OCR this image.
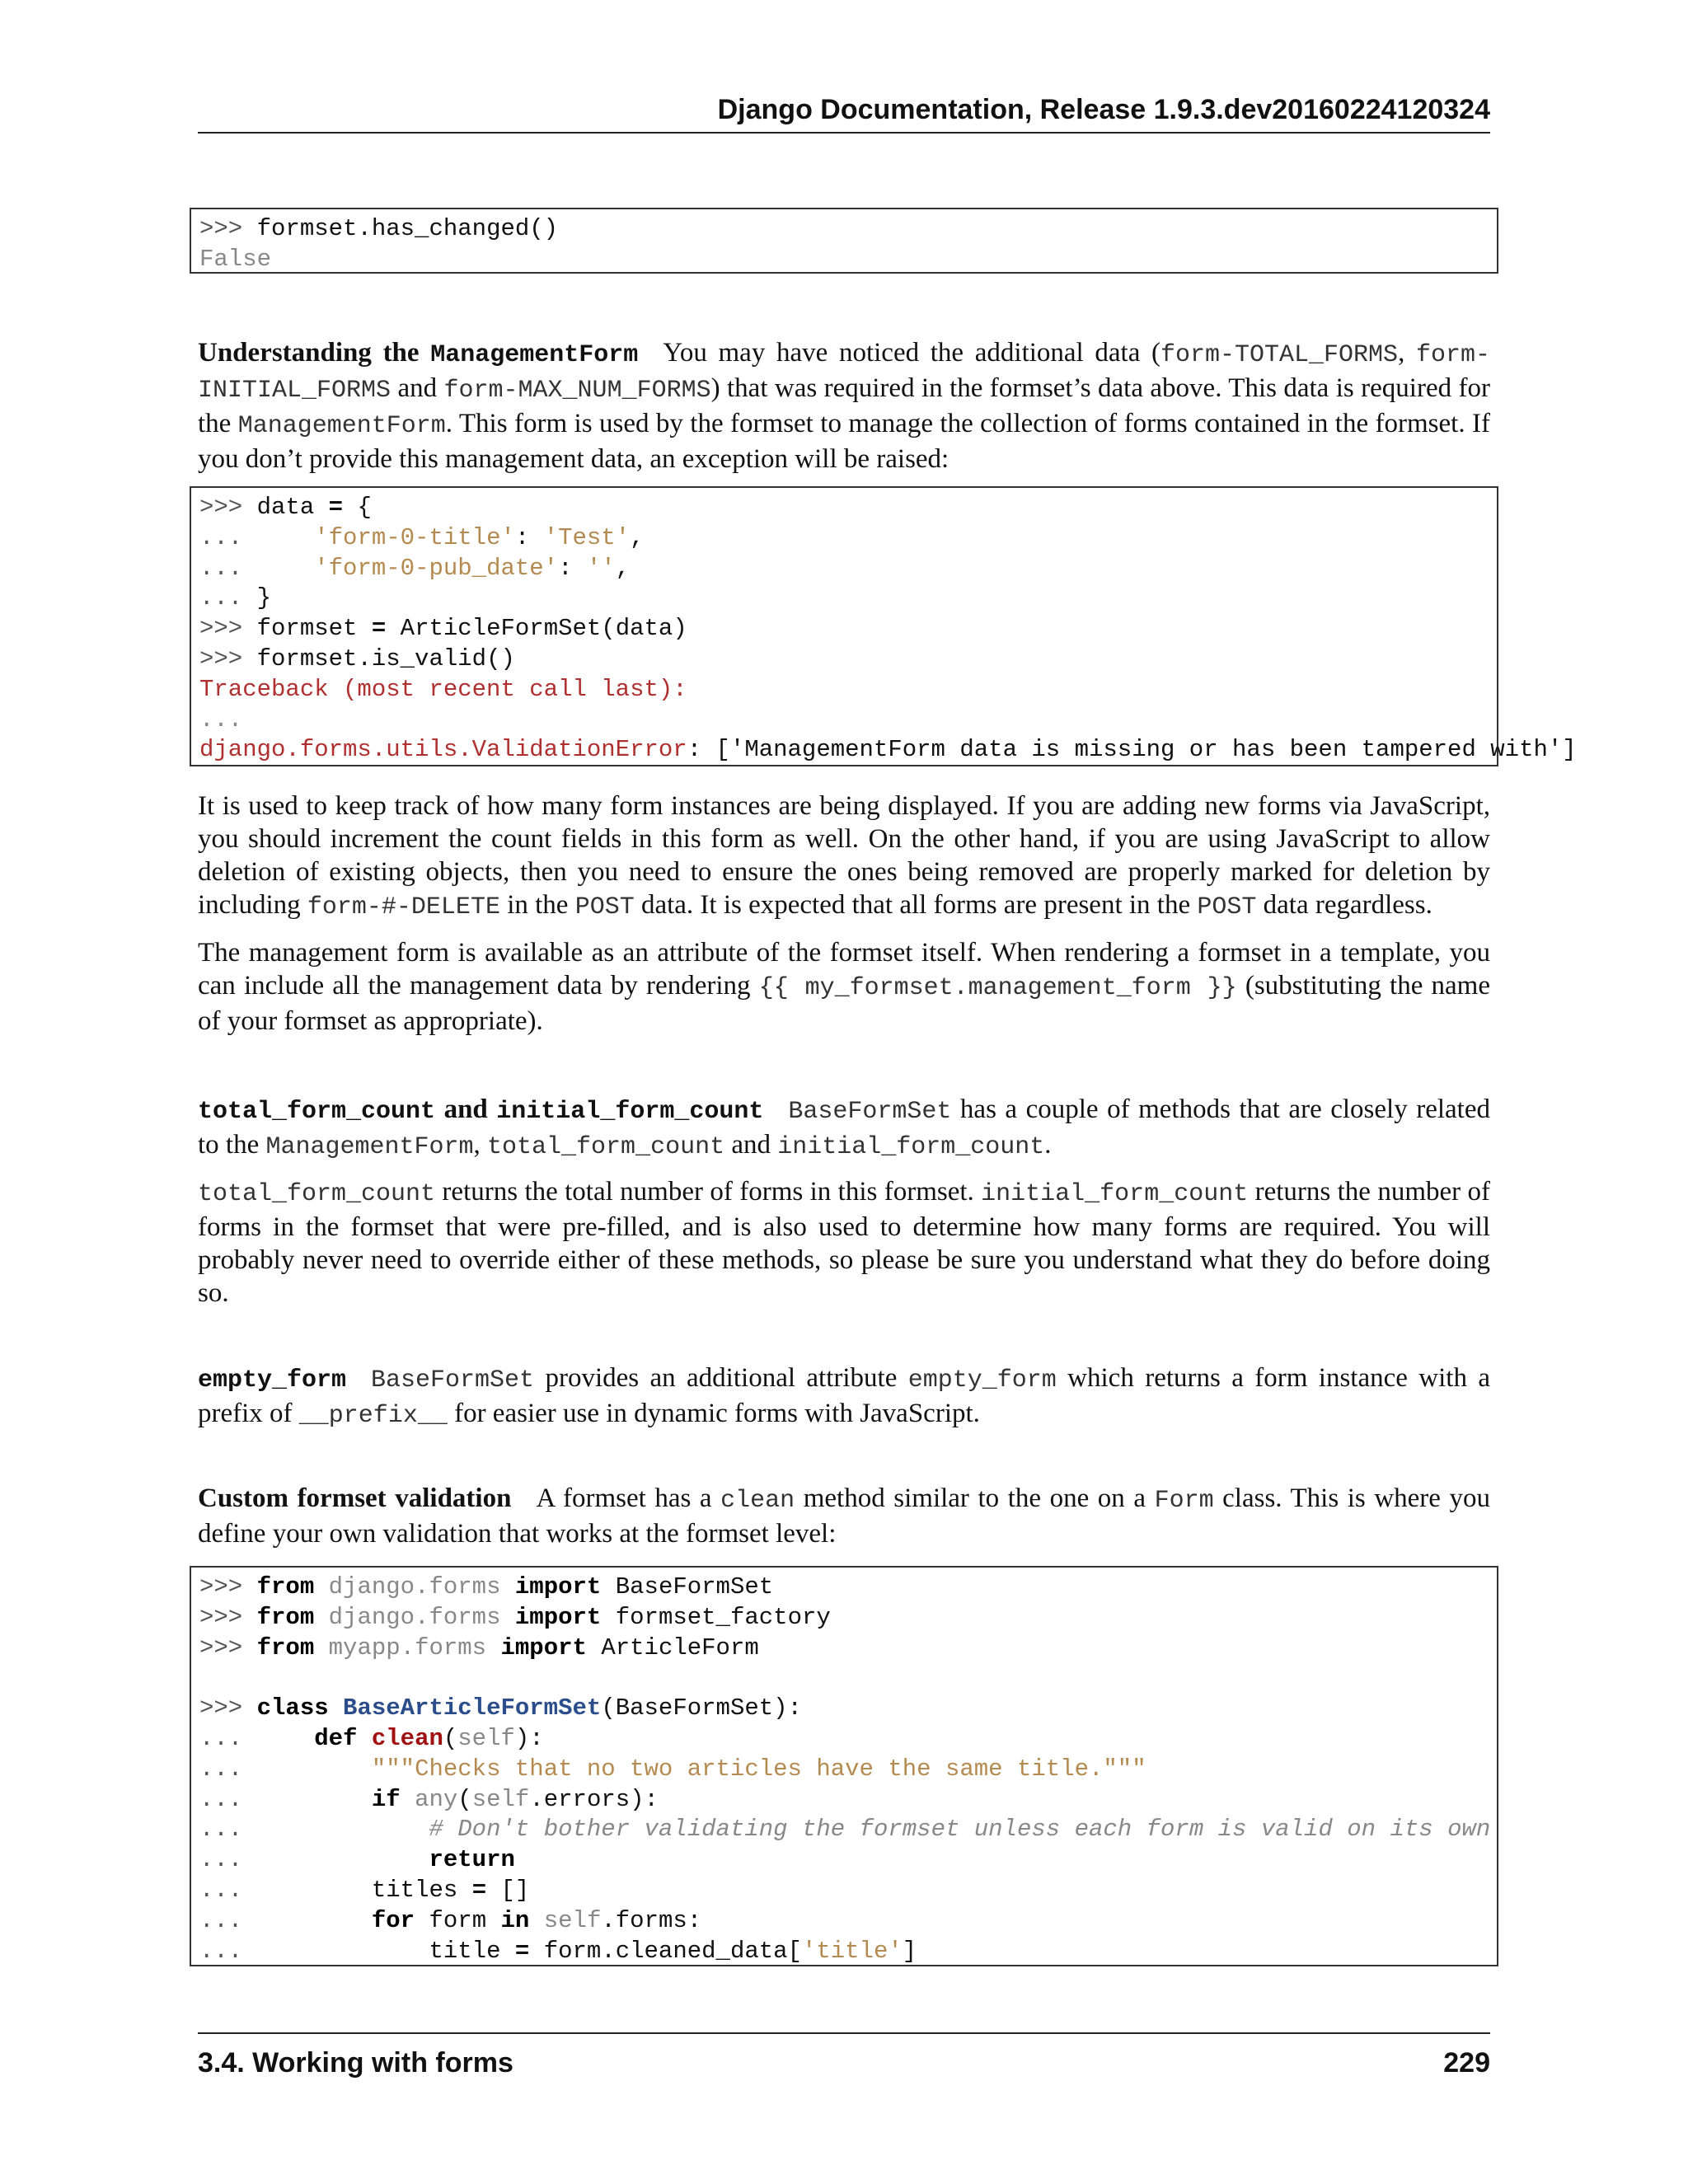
Django Documentation, Release 1.9.3.dev20160224120324
>>> formset.has_changed()
False
Understanding the ManagementForm You may have noticed the additional data (form-TOTAL_FORMS, form-INITIAL_FORMS and form-MAX_NUM_FORMS) that was required in the formset’s data above. This data is required for the ManagementForm. This form is used by the formset to manage the collection of forms contained in the formset. If you don’t provide this management data, an exception will be raised:
>>> data = {
...	'form-0-title': 'Test',
...	'form-0-pub_date': '',
... }
>>> formset = ArticleFormSet(data)
>>> formset.is_valid()
Traceback (most recent call last):
...
django.forms.utils.ValidationError: ['ManagementForm data is missing or has been tampered with']
It is used to keep track of how many form instances are being displayed. If you are adding new forms via JavaScript, you should increment the count fields in this form as well. On the other hand, if you are using JavaScript to allow deletion of existing objects, then you need to ensure the ones being removed are properly marked for deletion by including form-#-DELETE in the POST data. It is expected that all forms are present in the POST data regardless.
The management form is available as an attribute of the formset itself. When rendering a formset in a template, you can include all the management data by rendering {{ my_formset.management_form }} (substituting the name of your formset as appropriate).
total_form_count and initial_form_count BaseFormSet has a couple of methods that are closely related to the ManagementForm, total_form_count and initial_form_count.
total_form_count returns the total number of forms in this formset. initial_form_count returns the number of forms in the formset that were pre-filled, and is also used to determine how many forms are required. You will probably never need to override either of these methods, so please be sure you understand what they do before doing so.
empty_form BaseFormSet provides an additional attribute empty_form which returns a form instance with a prefix of __prefix__ for easier use in dynamic forms with JavaScript.
Custom formset validation A formset has a clean method similar to the one on a Form class. This is where you define your own validation that works at the formset level:
>>> from django.forms import BaseFormSet
>>> from django.forms import formset_factory
>>> from myapp.forms import ArticleForm

>>> class BaseArticleFormSet(BaseFormSet):
...	def clean(self):
...	"""Checks that no two articles have the same title."""
...	if any(self.errors):
...	# Don't bother validating the formset unless each form is valid on its own
...	return
...	titles = []
...	for form in self.forms:
...	title = form.cleaned_data['title']
3.4. Working with forms	229
